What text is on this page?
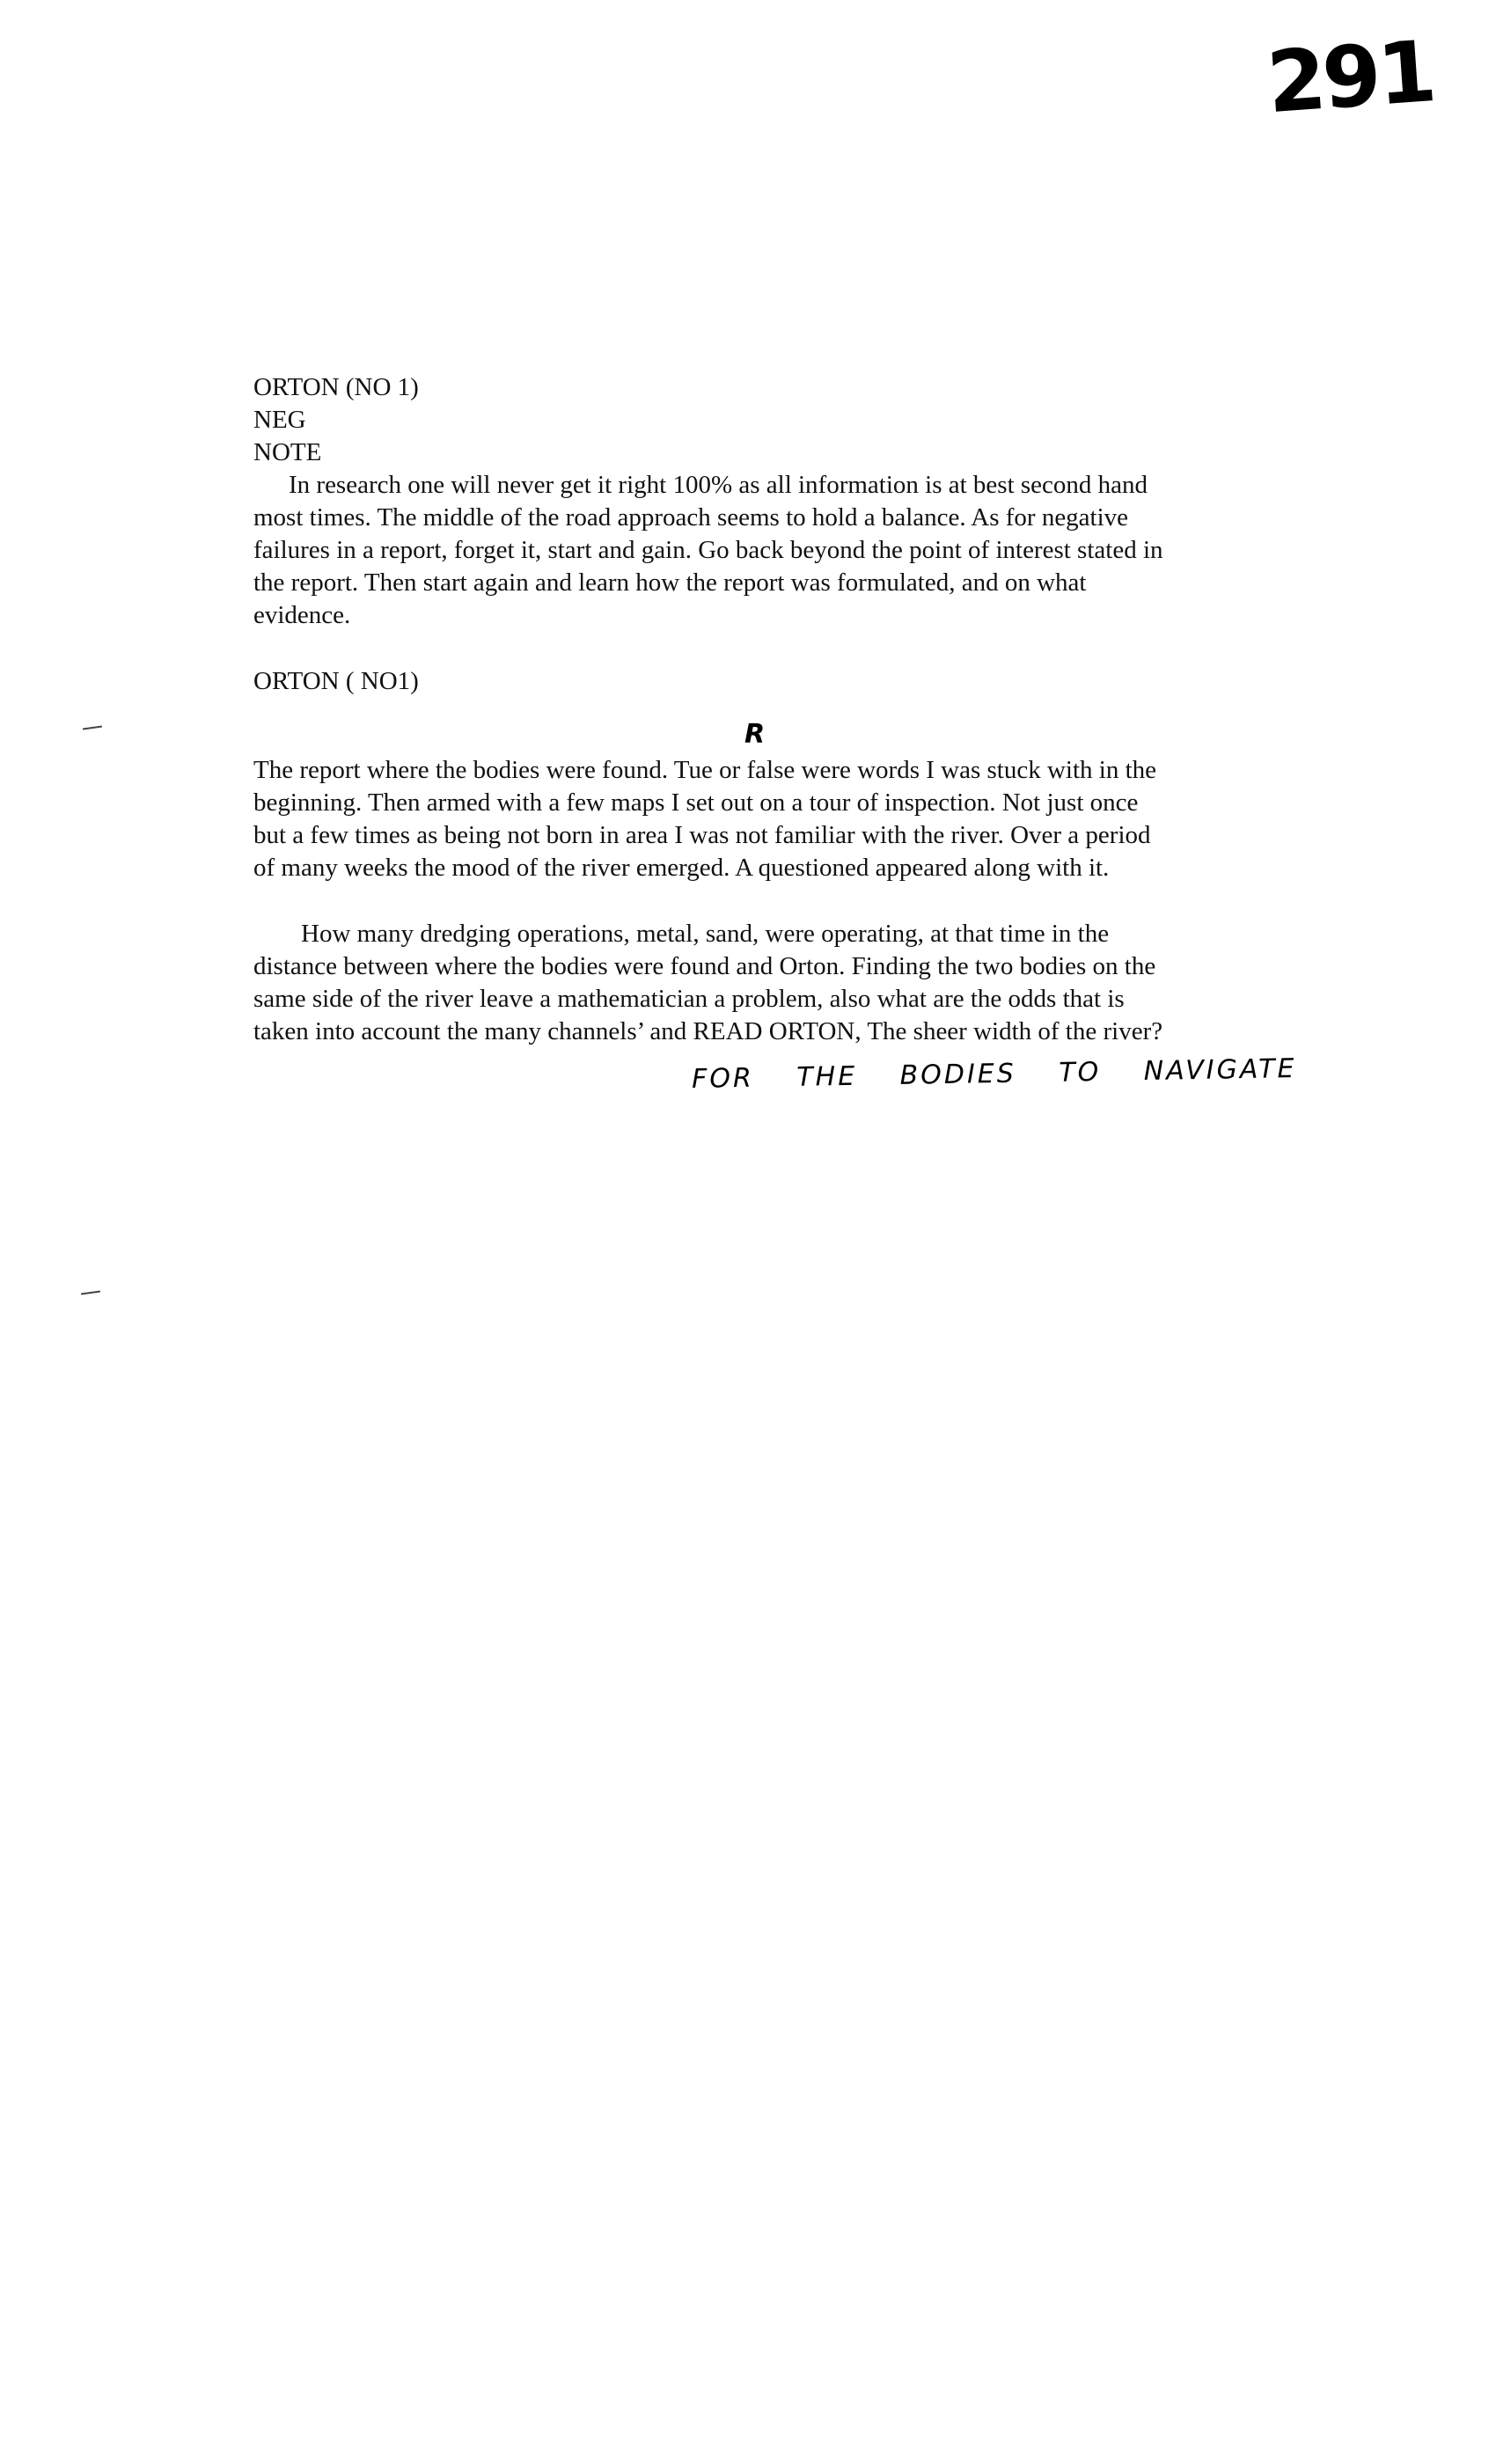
291
ORTON (NO 1)
NEG
NOTE
In research one will never get it right 100% as all information is at best second hand
most times. The middle of the road approach seems to hold a balance. As for negative
failures in a report, forget it, start and gain. Go back beyond the point of interest stated in
the report. Then start again and learn how the report was formulated, and on what
evidence.
ORTON ( NO1)
The report where the bodies were found. Tue or false were words I was stuck with in the
beginning. Then armed with a few maps I set out on a tour of inspection. Not just once
but a few times as being not born in area I was not familiar with the river. Over a period
of many weeks the mood of the river emerged. A questioned appeared along with it.
How many dredging operations, metal, sand, were operating, at that time in the
distance between where the bodies were found and Orton. Finding the two bodies on the
same side of the river leave a mathematician a problem, also what are the odds that is
taken into account the many channels’ and READ ORTON, The sheer width of the river?
R
FOR THE BODIES TO NAVIGATE
